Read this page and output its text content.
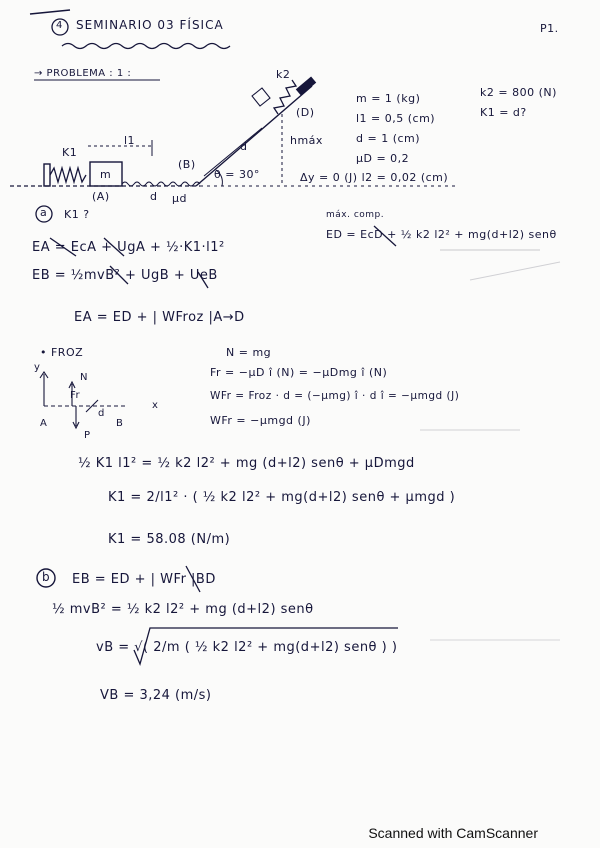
4 SEMINARIO 03 FÍSICA	P1.
→ PROBLEMA : 1 :
m = 1 (kg)
l1 = 0,5 (cm)
d = 1 (cm)
μD = 0,2
Δy = 0 (J) l2 = 0,02 (cm)
k2 = 800 (N)
K1 = d?
K1
l1
m
(A)	d μd
(B)
θ = 30°
(D)
hmáx
k2
d
a K1 ?
EA = EcA + UgA + ½·K1·l1²
EB = ½mvB² + UgB + UeB
máx. comp.
ED = EcD + ½ k2 l2² + mg(d+l2) senθ
EA = ED + | WFroz |A→D
• FROZ	N = mg
Fr = −μD î (N) = −μDmg î (N)
WFr = Froz · d = (−μmg) î · d î = −μmgd (J)
WFr = −μmgd (J)
y
N
Fr
x
A
d
B
P
½ K1 l1² = ½ k2 l2² + mg (d+l2) senθ + μDmgd
K1 = 2/l1² · ( ½ k2 l2² + mg(d+l2) senθ + μmgd )
K1 = 58.08 (N/m)
b EB = ED + | WFr |BD
½ mvB² = ½ k2 l2² + mg (d+l2) senθ
vB = √( 2/m ( ½ k2 l2² + mg(d+l2) senθ ) )
VB = 3,24 (m/s)
Scanned with CamScanner
